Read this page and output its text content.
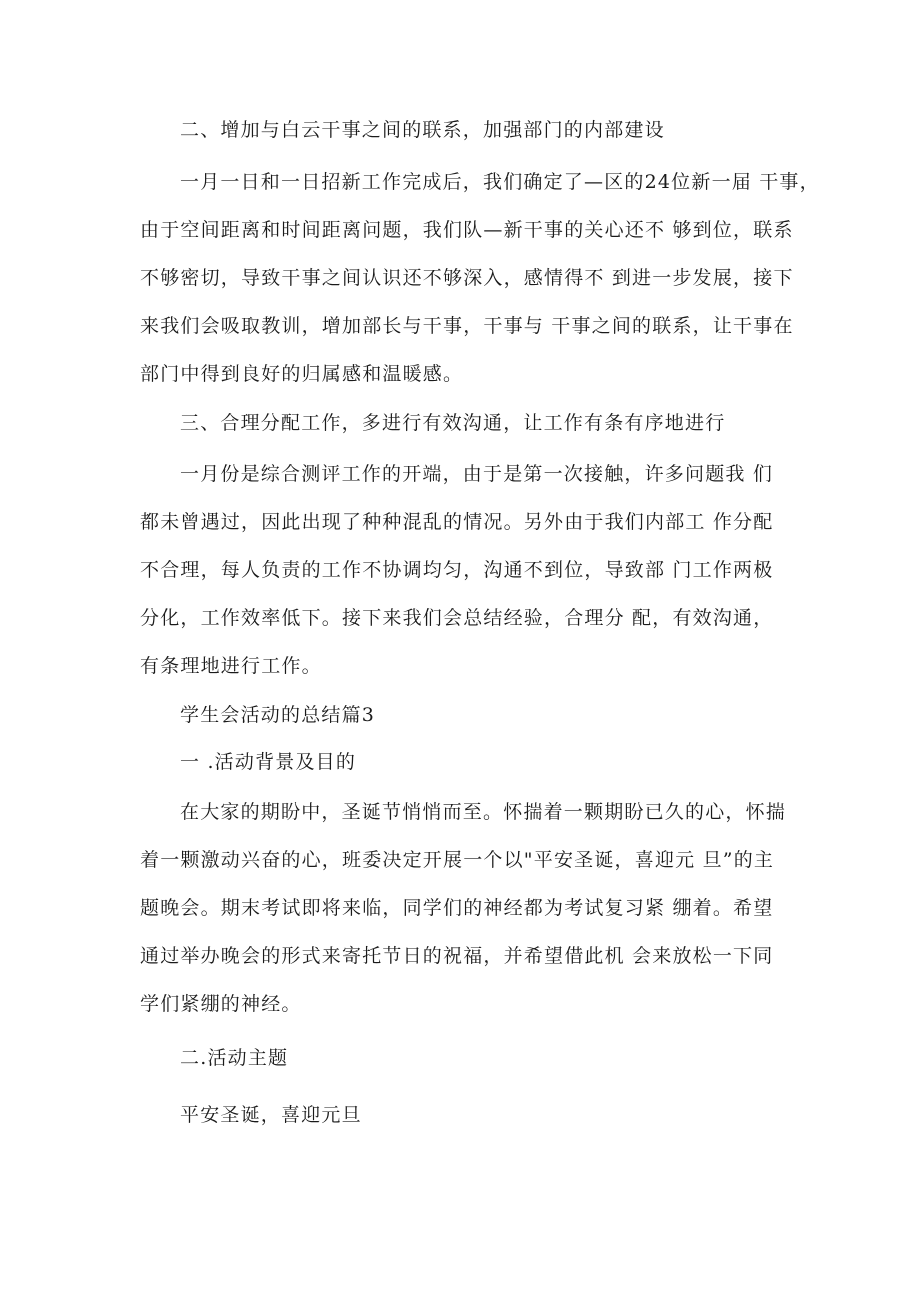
二、增加与白云干事之间的联系，加强部门的内部建设
一月一日和一日招新工作完成后，我们确定了—区的24位新一届 干事，
由于空间距离和时间距离问题，我们队—新干事的关心还不 够到位，联系
不够密切，导致干事之间认识还不够深入，感情得不 到进一步发展，接下
来我们会吸取教训，增加部长与干事，干事与 干事之间的联系，让干事在
部门中得到良好的归属感和温暖感。
三、合理分配工作，多进行有效沟通，让工作有条有序地进行
一月份是综合测评工作的开端，由于是第一次接触，许多问题我 们
都未曾遇过，因此出现了种种混乱的情况。另外由于我们内部工 作分配
不合理，每人负责的工作不协调均匀，沟通不到位，导致部 门工作两极
分化，工作效率低下。接下来我们会总结经验，合理分 配，有效沟通，
有条理地进行工作。
学生会活动的总结篇3
一 .活动背景及目的
在大家的期盼中，圣诞节悄悄而至。怀揣着一颗期盼已久的心，怀揣
着一颗激动兴奋的心，班委决定开展一个以"平安圣诞，喜迎元 旦”的主
题晚会。期末考试即将来临，同学们的神经都为考试复习紧 绷着。希望
通过举办晚会的形式来寄托节日的祝福，并希望借此机 会来放松一下同
学们紧绷的神经。
二.活动主题
平安圣诞，喜迎元旦
